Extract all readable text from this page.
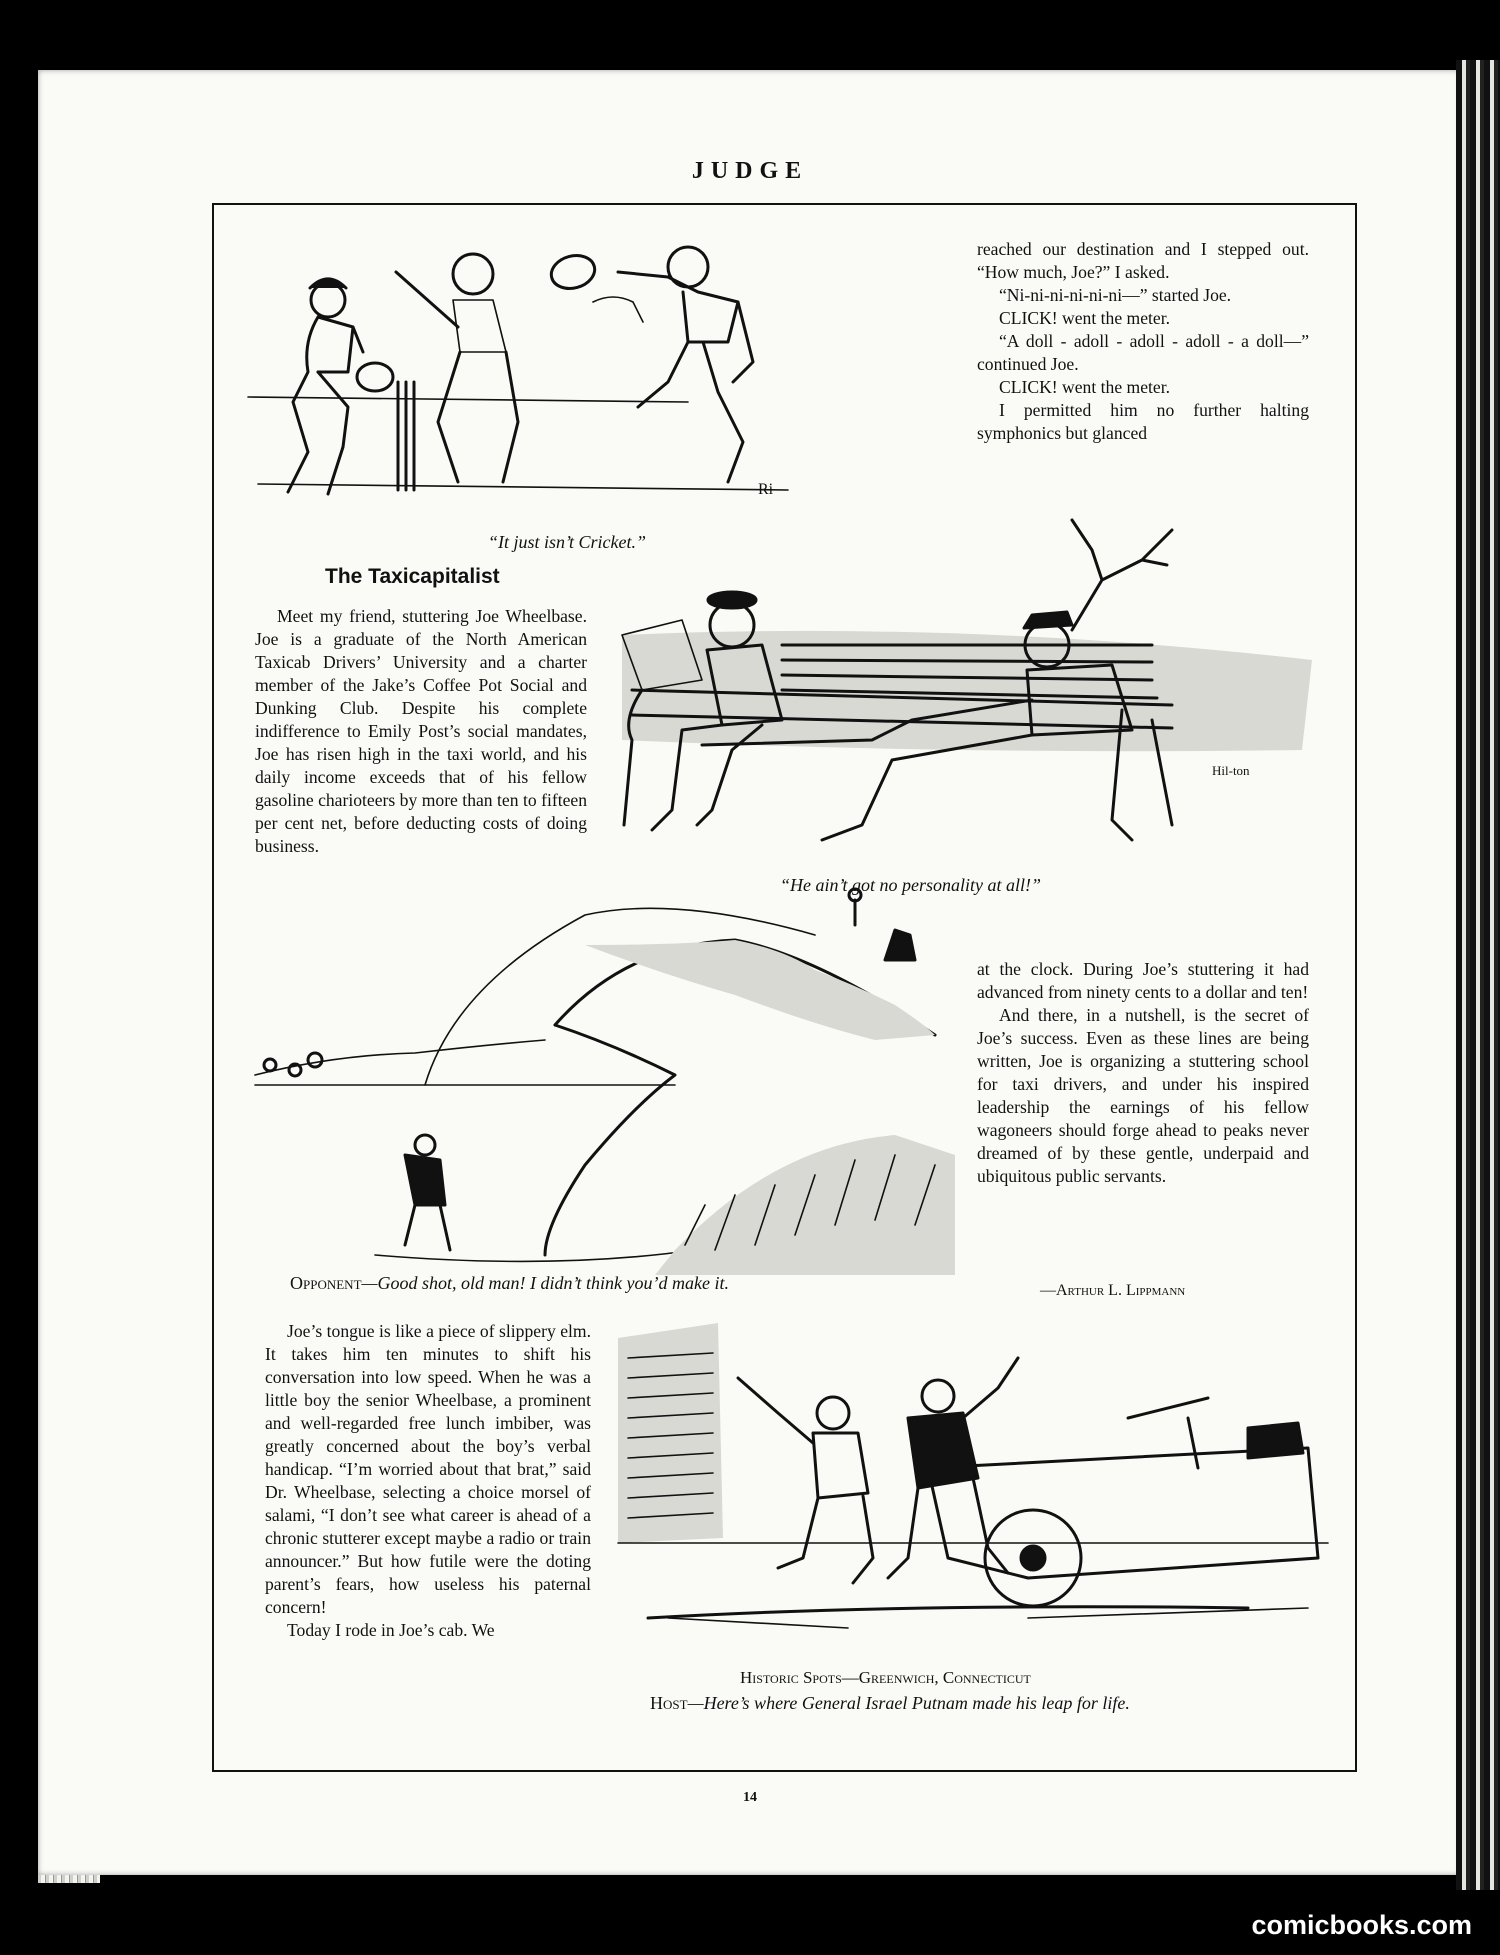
JUDGE
Ri
“It just isn’t Cricket.”

reached our destination and I stepped out. “How much, Joe?” I asked.

“Ni-ni-ni-ni-ni-ni—” started Joe.

CLICK! went the meter.

“A doll - adoll - adoll - adoll - a doll—” continued Joe.

CLICK! went the meter.

I permitted him no further halting symphonics but glanced

The Taxicapitalist

Meet my friend, stuttering Joe Wheelbase. Joe is a graduate of the North American Taxicab Drivers’ University and a charter member of the Jake’s Coffee Pot Social and Dunking Club. Despite his complete indifference to Emily Post’s social mandates, Joe has risen high in the taxi world, and his daily income exceeds that of his fellow gasoline charioteers by more than ten to fifteen per cent net, before deducting costs of doing business.

Hil-ton
“He ain’t got no personality at all!”
Opponent—Good shot, old man! I didn’t think you’d make it.

at the clock. During Joe’s stuttering it had advanced from ninety cents to a dollar and ten!

And there, in a nutshell, is the secret of Joe’s success. Even as these lines are being written, Joe is organizing a stuttering school for taxi drivers, and under his inspired leadership the earnings of his fellow wagoneers should forge ahead to peaks never dreamed of by these gentle, underpaid and ubiquitous public servants.

—Arthur L. Lippmann

Joe’s tongue is like a piece of slippery elm. It takes him ten minutes to shift his conversation into low speed. When he was a little boy the senior Wheelbase, a prominent and well-regarded free lunch imbiber, was greatly concerned about the boy’s verbal handicap. “I’m worried about that brat,” said Dr. Wheelbase, selecting a choice morsel of salami, “I don’t see what career is ahead of a chronic stutterer except maybe a radio or train announcer.” But how futile were the doting parent’s fears, how useless his paternal concern!

Today I rode in Joe’s cab. We

Historic Spots—Greenwich, Connecticut
Host—Here’s where General Israel Putnam made his leap for life.
14
comicbooks.com
